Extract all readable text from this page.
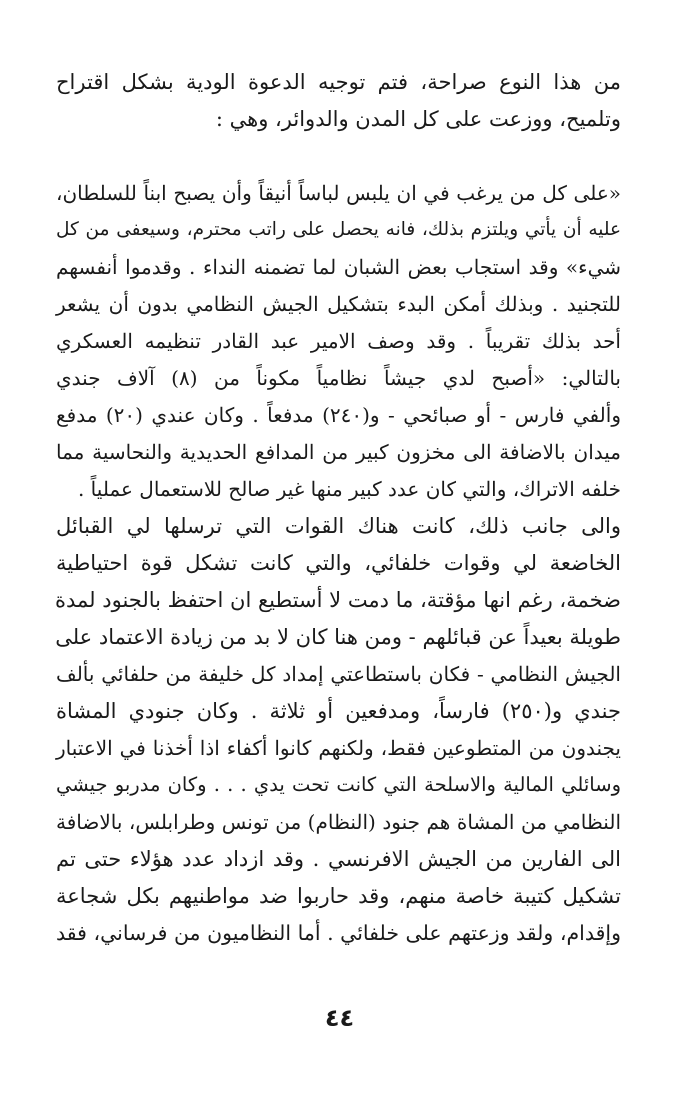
من هذا النوع صراحة، فتم توجيه الدعوة الودية بشكل اقتراح
وتلميح، ووزعت على كل المدن والدوائر، وهي :
«على كل من يرغب في ان يلبس لباساً أنيقاً وأن يصبح ابناً للسلطان،
عليه أن يأتي ويلتزم بذلك، فانه يحصل على راتب محترم، وسيعفى من كل
شيء» وقد استجاب بعض الشبان لما تضمنه النداء . وقدموا أنفسهم
للتجنيد . وبذلك أمكن البدء بتشكيل الجيش النظامي بدون أن يشعر
أحد بذلك تقريباً . وقد وصف الامير عبد القادر تنظيمه العسكري
بالتالي: «أصبح لدي جيشاً نظامياً مكوناً من (٨) آلاف جندي
وألفي فارس - أو صبائحي - و(٢٤٠) مدفعاً . وكان عندي (٢٠) مدفع
ميدان بالاضافة الى مخزون كبير من المدافع الحديدية والنحاسية مما
خلفه الاتراك، والتي كان عدد كبير منها غير صالح للاستعمال عملياً .
والى جانب ذلك، كانت هناك القوات التي ترسلها لي القبائل
الخاضعة لي وقوات خلفائي، والتي كانت تشكل قوة احتياطية
ضخمة، رغم انها مؤقتة، ما دمت لا أستطيع ان احتفظ بالجنود لمدة
طويلة بعيداً عن قبائلهم - ومن هنا كان لا بد من زيادة الاعتماد على
الجيش النظامي - فكان باستطاعتي إمداد كل خليفة من حلفائي بألف
جندي و(٢٥٠) فارساً، ومدفعين أو ثلاثة . وكان جنودي المشاة
يجندون من المتطوعين فقط، ولكنهم كانوا أكفاء اذا أخذنا في الاعتبار
وسائلي المالية والاسلحة التي كانت تحت يدي . . . وكان مدربو جيشي
النظامي من المشاة هم جنود (النظام) من تونس وطرابلس، بالاضافة
الى الفارين من الجيش الافرنسي . وقد ازداد عدد هؤلاء حتى تم
تشكيل كتيبة خاصة منهم، وقد حاربوا ضد مواطنيهم بكل شجاعة
وإقدام، ولقد وزعتهم على خلفائي . أما النظاميون من فرساني، فقد
٤٤
